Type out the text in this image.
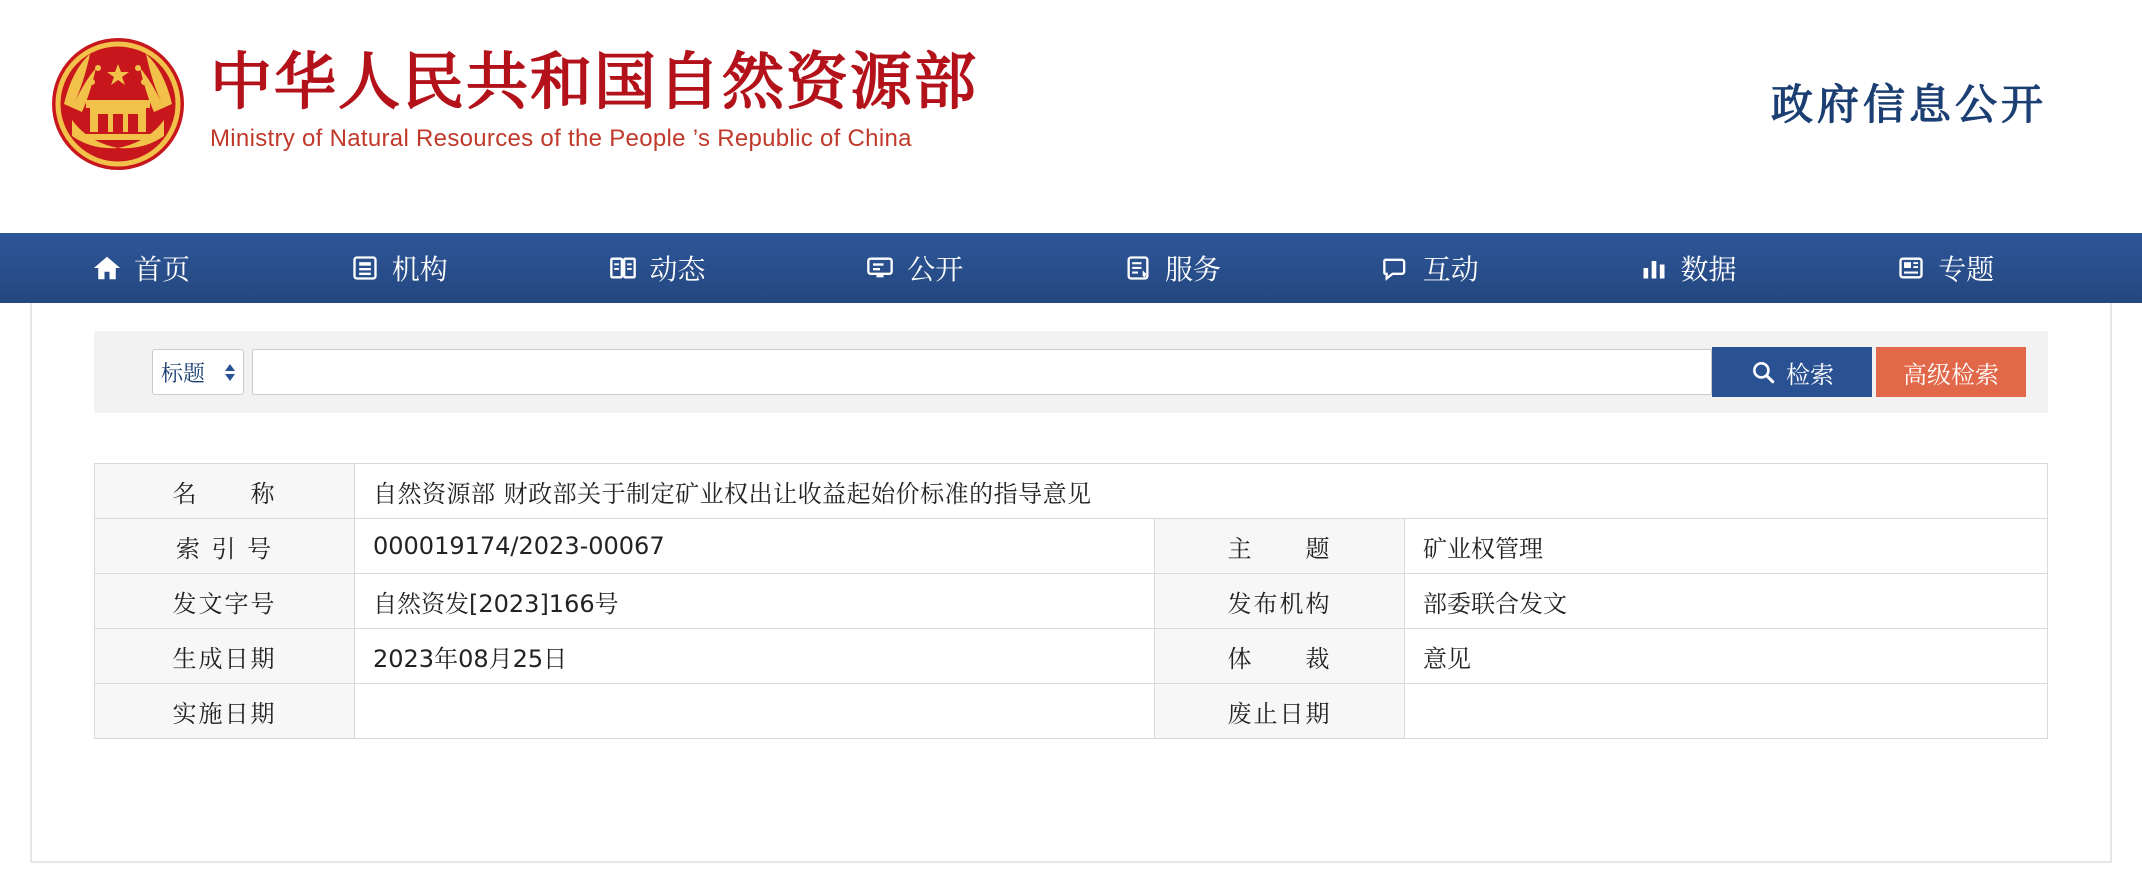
中华人民共和国自然资源部
Ministry of Natural Resources of the People ’s Republic of China
政府信息公开
首页	机构	动态	公开	服务	互动	数据	专题
标题	检索	高级检索
名　　称	自然资源部 财政部关于制定矿业权出让收益起始价标准的指导意见		
索 引 号	000019174/2023-00067	主　　题	矿业权管理
发文字号	自然资发[2023]166号	发布机构	部委联合发文
生成日期	2023年08月25日	体　　裁	意见
实施日期		废止日期	
